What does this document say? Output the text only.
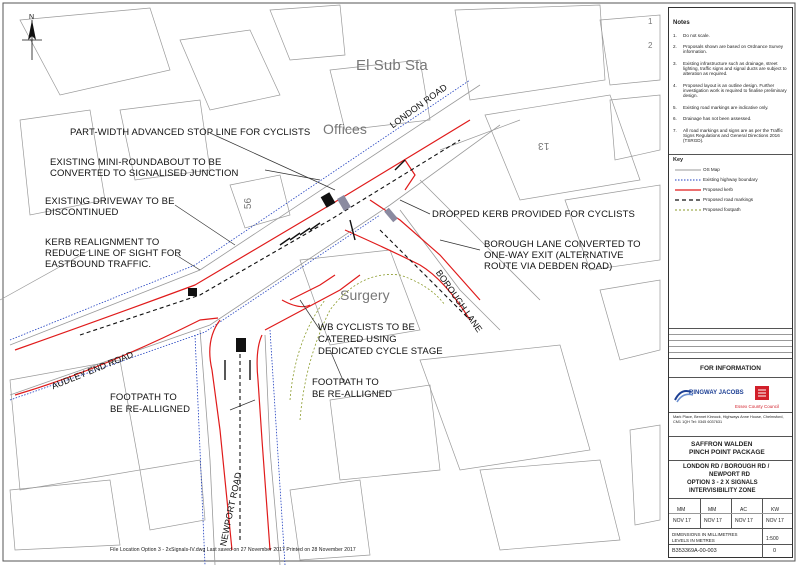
N
El Sub Sta
Offices
Surgery
56
13
2
1
LONDON ROAD
BOROUGH LANE
AUDLEY END ROAD
NEWPORT ROAD
PART-WIDTH ADVANCED STOP LINE FOR CYCLISTS
EXISTING MINI-ROUNDABOUT TO BE
CONVERTED TO SIGNALISED JUNCTION
EXISTING DRIVEWAY TO BE
DISCONTINUED
KERB REALIGNMENT TO
REDUCE LINE OF SIGHT FOR
EASTBOUND TRAFFIC.
DROPPED KERB PROVIDED FOR CYCLISTS
BOROUGH LANE CONVERTED TO
ONE-WAY EXIT (ALTERNATIVE
ROUTE VIA DEBDEN ROAD)
WB CYCLISTS TO BE
CATERED USING
DEDICATED CYCLE STAGE
FOOTPATH TO
BE RE-ALLIGNED
FOOTPATH TO
BE RE-ALLIGNED
File Location Option 3 - 2xSignals-IV.dwg Last saved on 27 November 2017 Printed on 28 November 2017
Notes
1. Do not scale.
2. Proposals shown are based on Ordnance Survey information.
3. Existing infrastructure such as drainage, street lighting, traffic signs and signal ducts are subject to alteration as required.
4. Proposed layout is an outline design. Further investigation work is required to finalise preliminary design.
5. Existing road markings are indicative only.
6. Drainage has not been assessed.
7. All road markings and signs are as per the Traffic Signs Regulations and General Directions 2016 (TSRGD).
Key
OS Map
Existing highway boundary
Proposed kerb
Proposed road markings
Proposed footpath
FOR INFORMATION
RINGWAY JACOBS
Essex County Council
Mark Place, Bennet Kinnock, Highways Anne House, Chelmsford, CM1 1QH Tel: 0345 6037631
SAFFRON WALDEN
PINCH POINT PACKAGE
LONDON RD / BOROUGH RD /
NEWPORT RD
OPTION 3 - 2 X SIGNALS
INTERVISIBILITY ZONE
MM	MM	AC	KW
NOV 17	NOV 17	NOV 17	NOV 17
1:500
DIMENSIONS IN MILLIMETRES
LEVELS IN METRES
B353369A-00-003	0
